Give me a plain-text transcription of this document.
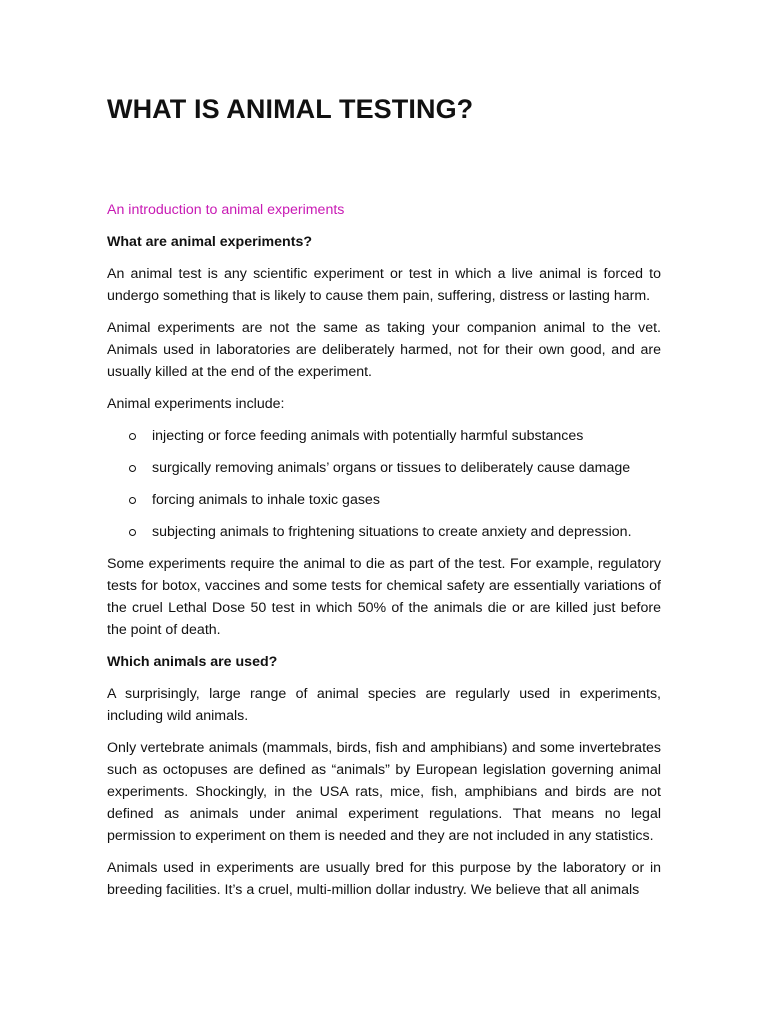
WHAT IS ANIMAL TESTING?

An introduction to animal experiments

What are animal experiments?

An animal test is any scientific experiment or test in which a live animal is forced to undergo something that is likely to cause them pain, suffering, distress or lasting harm.

Animal experiments are not the same as taking your companion animal to the vet. Animals used in laboratories are deliberately harmed, not for their own good, and are usually killed at the end of the experiment.

Animal experiments include:

injecting or force feeding animals with potentially harmful substances
surgically removing animals’ organs or tissues to deliberately cause damage
forcing animals to inhale toxic gases
subjecting animals to frightening situations to create anxiety and depression.

Some experiments require the animal to die as part of the test. For example, regulatory tests for botox, vaccines and some tests for chemical safety are essentially variations of the cruel Lethal Dose 50 test in which 50% of the animals die or are killed just before the point of death.

Which animals are used?

A surprisingly, large range of animal species are regularly used in experiments, including wild animals.

Only vertebrate animals (mammals, birds, fish and amphibians) and some invertebrates such as octopuses are defined as “animals” by European legislation governing animal experiments. Shockingly, in the USA rats, mice, fish, amphibians and birds are not defined as animals under animal experiment regulations. That means no legal permission to experiment on them is needed and they are not included in any statistics.

Animals used in experiments are usually bred for this purpose by the laboratory or in breeding facilities. It’s a cruel, multi-million dollar industry. We believe that all animals
